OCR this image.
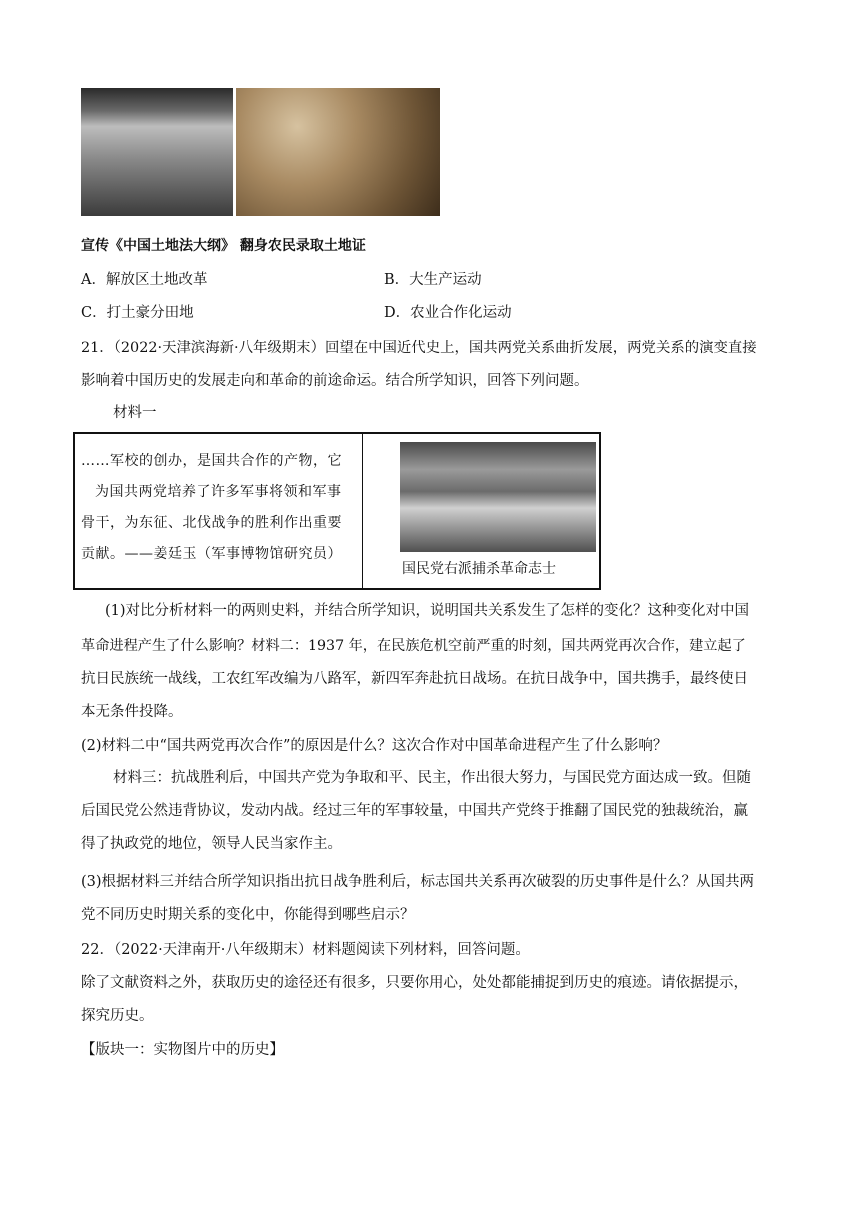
宣传《中国土地法大纲》 翻身农民录取土地证
A．解放区土地改革	B．大生产运动
C．打土豪分田地	D．农业合作化运动
21．（2022·天津滨海新·八年级期末）回望在中国近代史上，国共两党关系曲折发展，两党关系的演变直接
影响着中国历史的发展走向和革命的前途命运。结合所学知识，回答下列问题。
材料一
……军校的创办，是国共合作的产物，它
为国共两党培养了许多军事将领和军事
骨干，为东征、北伐战争的胜利作出重要
贡献。——姜廷玉（军事博物馆研究员）
国民党右派捕杀革命志士
(1)对比分析材料一的两则史料，并结合所学知识，说明国共关系发生了怎样的变化？这种变化对中国
革命进程产生了什么影响？材料二：1937 年，在民族危机空前严重的时刻，国共两党再次合作，建立起了
抗日民族统一战线，工农红军改编为八路军，新四军奔赴抗日战场。在抗日战争中，国共携手，最终使日
本无条件投降。
(2)材料二中“国共两党再次合作”的原因是什么？这次合作对中国革命进程产生了什么影响？
材料三：抗战胜利后，中国共产党为争取和平、民主，作出很大努力，与国民党方面达成一致。但随
后国民党公然违背协议，发动内战。经过三年的军事较量，中国共产党终于推翻了国民党的独裁统治，赢
得了执政党的地位，领导人民当家作主。
(3)根据材料三并结合所学知识指出抗日战争胜利后，标志国共关系再次破裂的历史事件是什么？从国共两
党不同历史时期关系的变化中，你能得到哪些启示？
22．（2022·天津南开·八年级期末）材料题阅读下列材料，回答问题。
除了文献资料之外，获取历史的途径还有很多，只要你用心，处处都能捕捉到历史的痕迹。请依据提示，
探究历史。
【版块一：实物图片中的历史】
